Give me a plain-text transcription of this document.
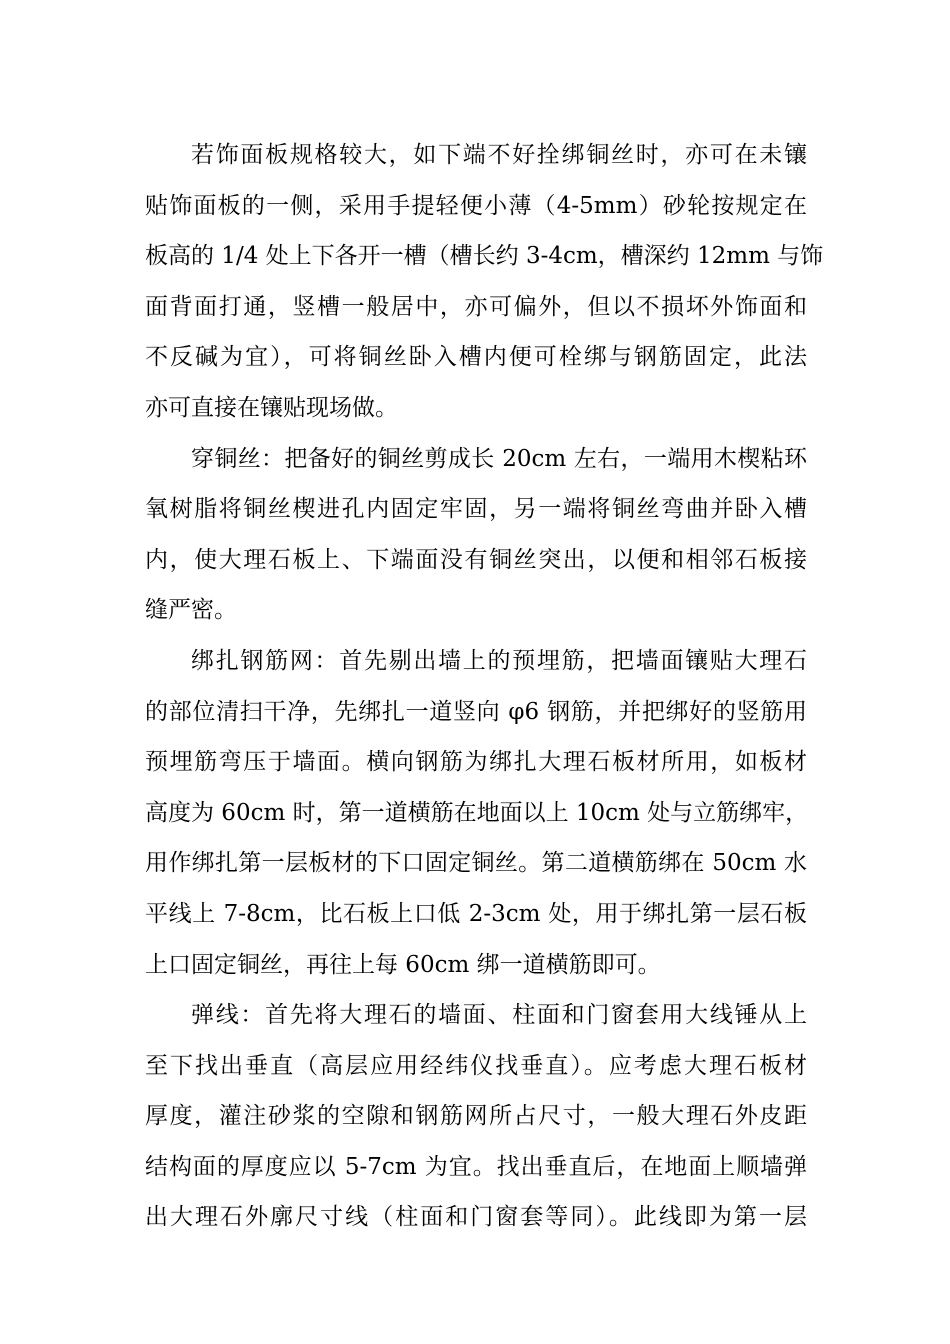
若饰面板规格较大，如下端不好拴绑铜丝时，亦可在未镶
贴饰面板的一侧，采用手提轻便小薄（4-5mm）砂轮按规定在
板高的 1/4 处上下各开一槽（槽长约 3-4cm，槽深约 12mm 与饰
面背面打通，竖槽一般居中，亦可偏外，但以不损坏外饰面和
不反碱为宜），可将铜丝卧入槽内便可栓绑与钢筋固定，此法
亦可直接在镶贴现场做。
穿铜丝：把备好的铜丝剪成长 20cm 左右，一端用木楔粘环
氧树脂将铜丝楔进孔内固定牢固，另一端将铜丝弯曲并卧入槽
内，使大理石板上、下端面没有铜丝突出，以便和相邻石板接
缝严密。
绑扎钢筋网：首先剔出墙上的预埋筋，把墙面镶贴大理石
的部位清扫干净，先绑扎一道竖向 φ6 钢筋，并把绑好的竖筋用
预埋筋弯压于墙面。横向钢筋为绑扎大理石板材所用，如板材
高度为 60cm 时，第一道横筋在地面以上 10cm 处与立筋绑牢，
用作绑扎第一层板材的下口固定铜丝。第二道横筋绑在 50cm 水
平线上 7-8cm，比石板上口低 2-3cm 处，用于绑扎第一层石板
上口固定铜丝，再往上每 60cm 绑一道横筋即可。
弹线：首先将大理石的墙面、柱面和门窗套用大线锤从上
至下找出垂直（高层应用经纬仪找垂直）。应考虑大理石板材
厚度，灌注砂浆的空隙和钢筋网所占尺寸，一般大理石外皮距
结构面的厚度应以 5-7cm 为宜。找出垂直后，在地面上顺墙弹
出大理石外廓尺寸线（柱面和门窗套等同）。此线即为第一层
